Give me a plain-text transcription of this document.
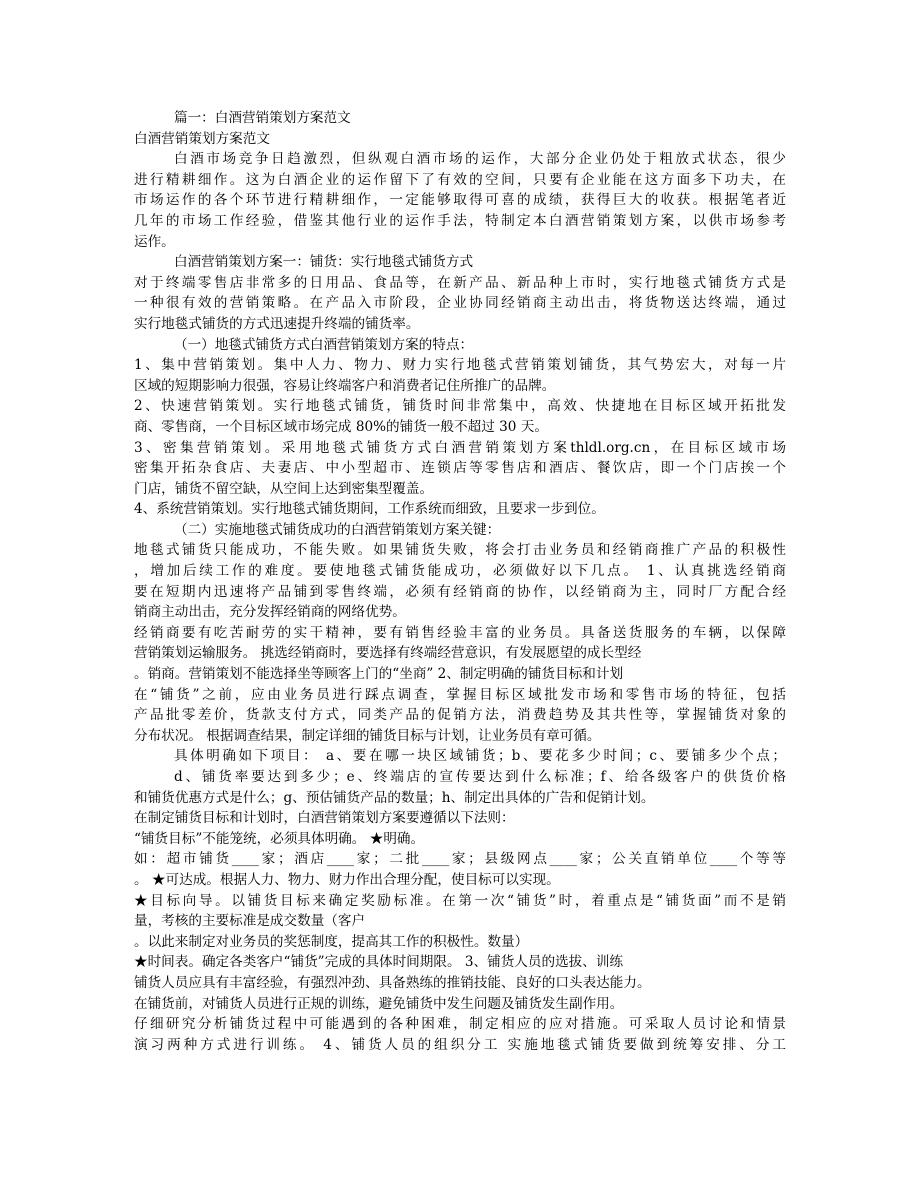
篇一：白酒营销策划方案范文

白酒营销策划方案范文

白酒市场竞争日趋激烈，但纵观白酒市场的运作，大部分企业仍处于粗放式状态，很少

进行精耕细作。这为白酒企业的运作留下了有效的空间，只要有企业能在这方面多下功夫，在

市场运作的各个环节进行精耕细作，一定能够取得可喜的成绩，获得巨大的收获。根据笔者近

几年的市场工作经验，借鉴其他行业的运作手法，特制定本白酒营销策划方案，以供市场参考

运作。

白酒营销策划方案一：铺货：实行地毯式铺货方式

对于终端零售店非常多的日用品、食品等，在新产品、新品种上市时，实行地毯式铺货方式是

一种很有效的营销策略。在产品入市阶段，企业协同经销商主动出击，将货物送达终端，通过

实行地毯式铺货的方式迅速提升终端的铺货率。

（一）地毯式铺货方式白酒营销策划方案的特点：

1、集中营销策划。集中人力、物力、财力实行地毯式营销策划铺货，其气势宏大，对每一片

区域的短期影响力很强，容易让终端客户和消费者记住所推广的品牌。

2、快速营销策划。实行地毯式铺货，铺货时间非常集中，高效、快捷地在目标区域开拓批发

商、零售商，一个目标区域市场完成 80%的铺货一般不超过 30 天。

3、密集营销策划。采用地毯式铺货方式白酒营销策划方案thldl.org.cn，在目标区域市场

密集开拓杂食店、夫妻店、中小型超市、连锁店等零售店和酒店、餐饮店，即一个门店挨一个

门店，铺货不留空缺，从空间上达到密集型覆盖。

4、系统营销策划。实行地毯式铺货期间，工作系统而细致，且要求一步到位。

（二）实施地毯式铺货成功的白酒营销策划方案关键：

地毯式铺货只能成功，不能失败。如果铺货失败，将会打击业务员和经销商推广产品的积极性

，增加后续工作的难度。要使地毯式铺货能成功，必须做好以下几点。 1、认真挑选经销商

要在短期内迅速将产品铺到零售终端，必须有经销商的协作，以经销商为主，同时厂方配合经

销商主动出击，充分发挥经销商的网络优势。

经销商要有吃苦耐劳的实干精神，要有销售经验丰富的业务员。具备送货服务的车辆，以保障

营销策划运输服务。 挑选经销商时，要选择有终端经营意识，有发展愿望的成长型经

。销商。营销策划不能选择坐等顾客上门的“坐商” 2、制定明确的铺货目标和计划

在“铺货”之前，应由业务员进行踩点调查，掌握目标区域批发市场和零售市场的特征，包括

产品批零差价，货款支付方式，同类产品的促销方法，消费趋势及其共性等，掌握铺货对象的

分布状况。 根据调查结果，制定详细的铺货目标与计划，让业务员有章可循。

具体明确如下项目： a、要在哪一块区域铺货；b、要花多少时间；c、要铺多少个点；

d、铺货率要达到多少；e、终端店的宣传要达到什么标准；f、给各级客户的供货价格

和铺货优惠方式是什么；g、预估铺货产品的数量；h、制定出具体的广告和促销计划。

在制定铺货目标和计划时，白酒营销策划方案要遵循以下法则：

“铺货目标”不能笼统，必须具体明确。 ★明确。

如：超市铺货____家；酒店____家；二批____家；县级网点____家；公关直销单位____个等等

。 ★可达成。根据人力、物力、财力作出合理分配，使目标可以实现。

★目标向导。以铺货目标来确定奖励标准。在第一次“铺货”时，着重点是“铺货面”而不是销

量，考核的主要标准是成交数量（客户

。以此来制定对业务员的奖惩制度，提高其工作的积极性。数量）

★时间表。确定各类客户“铺货”完成的具体时间期限。 3、铺货人员的选拔、训练

铺货人员应具有丰富经验，有强烈冲劲、具备熟练的推销技能、良好的口头表达能力。

在铺货前，对铺货人员进行正规的训练，避免铺货中发生问题及铺货发生副作用。

仔细研究分析铺货过程中可能遇到的各种困难，制定相应的应对措施。可采取人员讨论和情景

演习两种方式进行训练。 4、铺货人员的组织分工 实施地毯式铺货要做到统筹安排、分工
